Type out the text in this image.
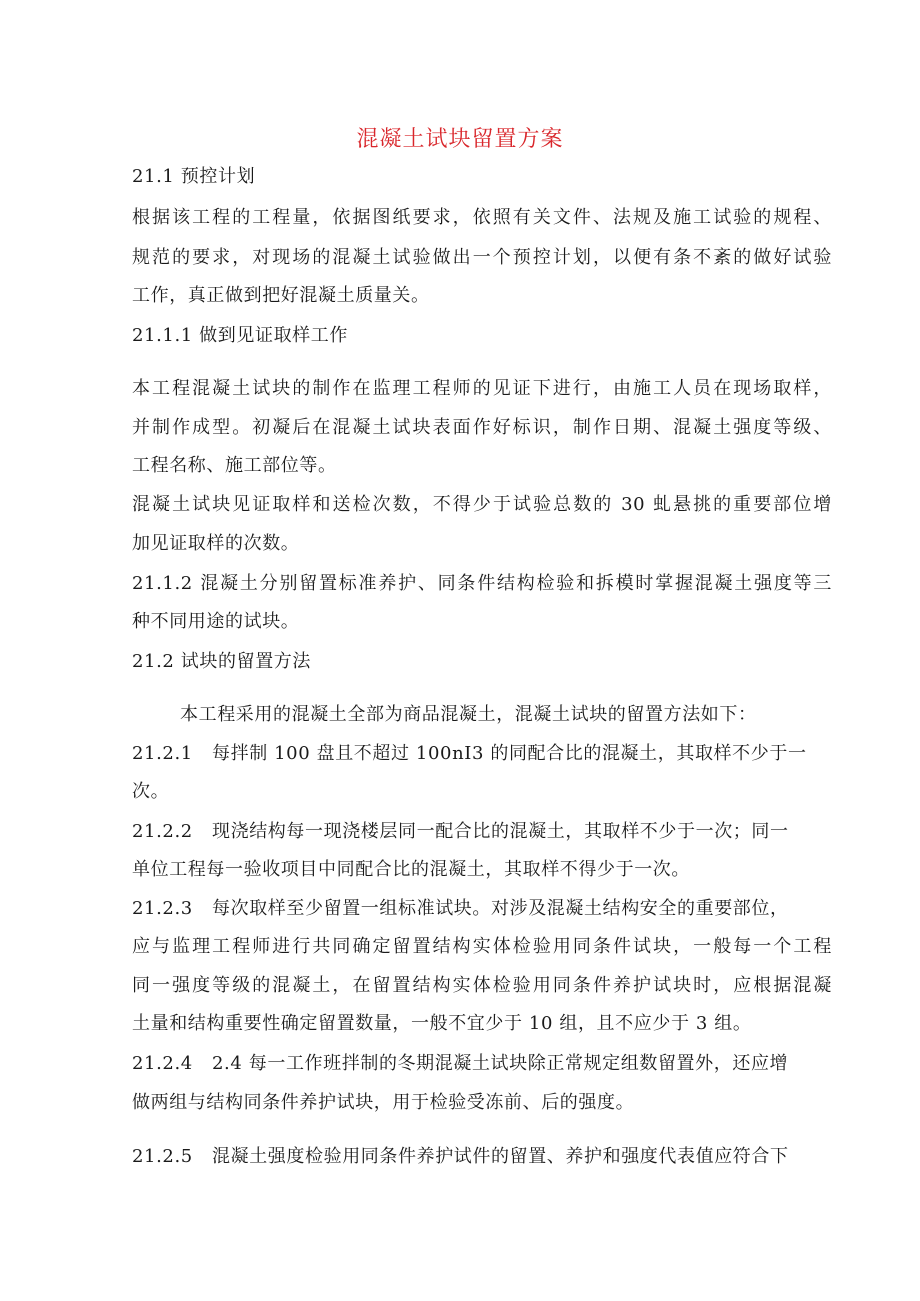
混凝土试块留置方案
21.1 预控计划
根据该工程的工程量，依据图纸要求，依照有关文件、法规及施工试验的规程、
规范的要求，对现场的混凝土试验做出一个预控计划，以便有条不紊的做好试验
工作，真正做到把好混凝土质量关。
21.1.1 做到见证取样工作
本工程混凝土试块的制作在监理工程师的见证下进行，由施工人员在现场取样，
并制作成型。初凝后在混凝土试块表面作好标识，制作日期、混凝土强度等级、
工程名称、施工部位等。
混凝土试块见证取样和送检次数，不得少于试验总数的 30 虬悬挑的重要部位增
加见证取样的次数。
21.1.2 混凝土分别留置标准养护、同条件结构检验和拆模时掌握混凝土强度等三
种不同用途的试块。
21.2 试块的留置方法
本工程采用的混凝土全部为商品混凝土，混凝土试块的留置方法如下：
21.2.1 每拌制 100 盘且不超过 100nI3 的同配合比的混凝土，其取样不少于一
次。
21.2.2 现浇结构每一现浇楼层同一配合比的混凝土，其取样不少于一次；同一
单位工程每一验收项目中同配合比的混凝土，其取样不得少于一次。
21.2.3 每次取样至少留置一组标准试块。对涉及混凝土结构安全的重要部位，
应与监理工程师进行共同确定留置结构实体检验用同条件试块，一般每一个工程
同一强度等级的混凝土，在留置结构实体检验用同条件养护试块时，应根据混凝
土量和结构重要性确定留置数量，一般不宜少于 10 组，且不应少于 3 组。
21.2.4 2.4 每一工作班拌制的冬期混凝土试块除正常规定组数留置外，还应增
做两组与结构同条件养护试块，用于检验受冻前、后的强度。
21.2.5 混凝土强度检验用同条件养护试件的留置、养护和强度代表值应符合下
